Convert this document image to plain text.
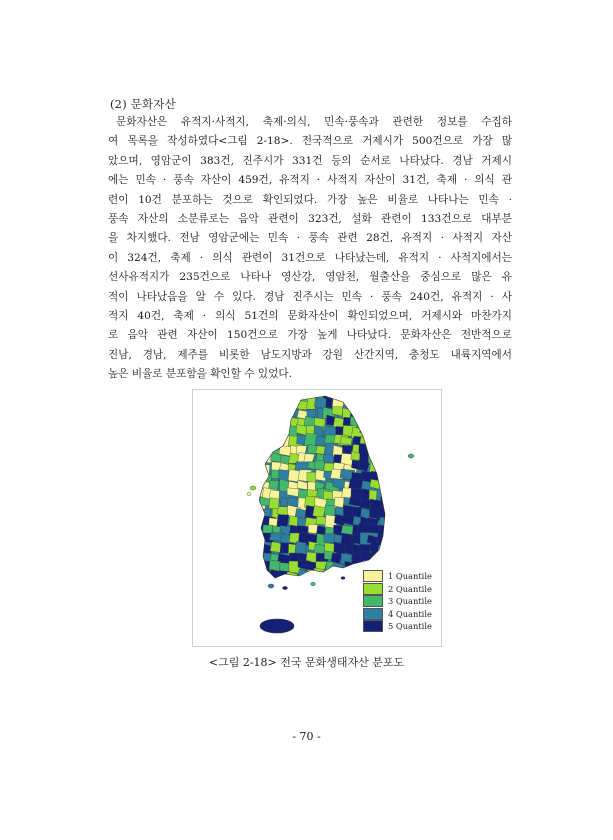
(2) 문화자산
문화자산은 유적지·사적지, 축제·의식, 민속·풍속과 관련한 정보를 수집하
여 목록을 작성하였다<그림 2-18>. 전국적으로 거제시가 500건으로 가장 많
았으며, 영암군이 383건, 진주시가 331건 등의 순서로 나타났다. 경남 거제시
에는 민속 · 풍속 자산이 459건, 유적지 · 사적지 자산이 31건, 축제 · 의식 관
련이 10건 분포하는 것으로 확인되었다. 가장 높은 비율로 나타나는 민속 ·
풍속 자산의 소분류로는 음악 관련이 323건, 설화 관련이 133건으로 대부분
을 차지했다. 전남 영암군에는 민속 · 풍속 관련 28건, 유적지 · 사적지 자산
이 324건, 축제 · 의식 관련이 31건으로 나타났는데, 유적지 · 사적지에서는
선사유적지가 235건으로 나타나 영산강, 영암천, 월출산을 중심으로 많은 유
적이 나타났음을 알 수 있다. 경남 진주시는 민속 · 풍속 240건, 유적지 · 사
적지 40건, 축제 · 의식 51건의 문화자산이 확인되었으며, 거제시와 마찬가지
로 음악 관련 자산이 150건으로 가장 높게 나타났다. 문화자산은 전반적으로
진남, 경남, 제주를 비롯한 남도지방과 강원 산간지역, 충청도 내륙지역에서
높은 비율로 분포함을 확인할 수 있었다.
1 Quantile
2 Quantile
3 Quantile
4 Quantile
5 Quantile
<그림 2-18> 전국 문화생태자산 분포도
- 70 -
